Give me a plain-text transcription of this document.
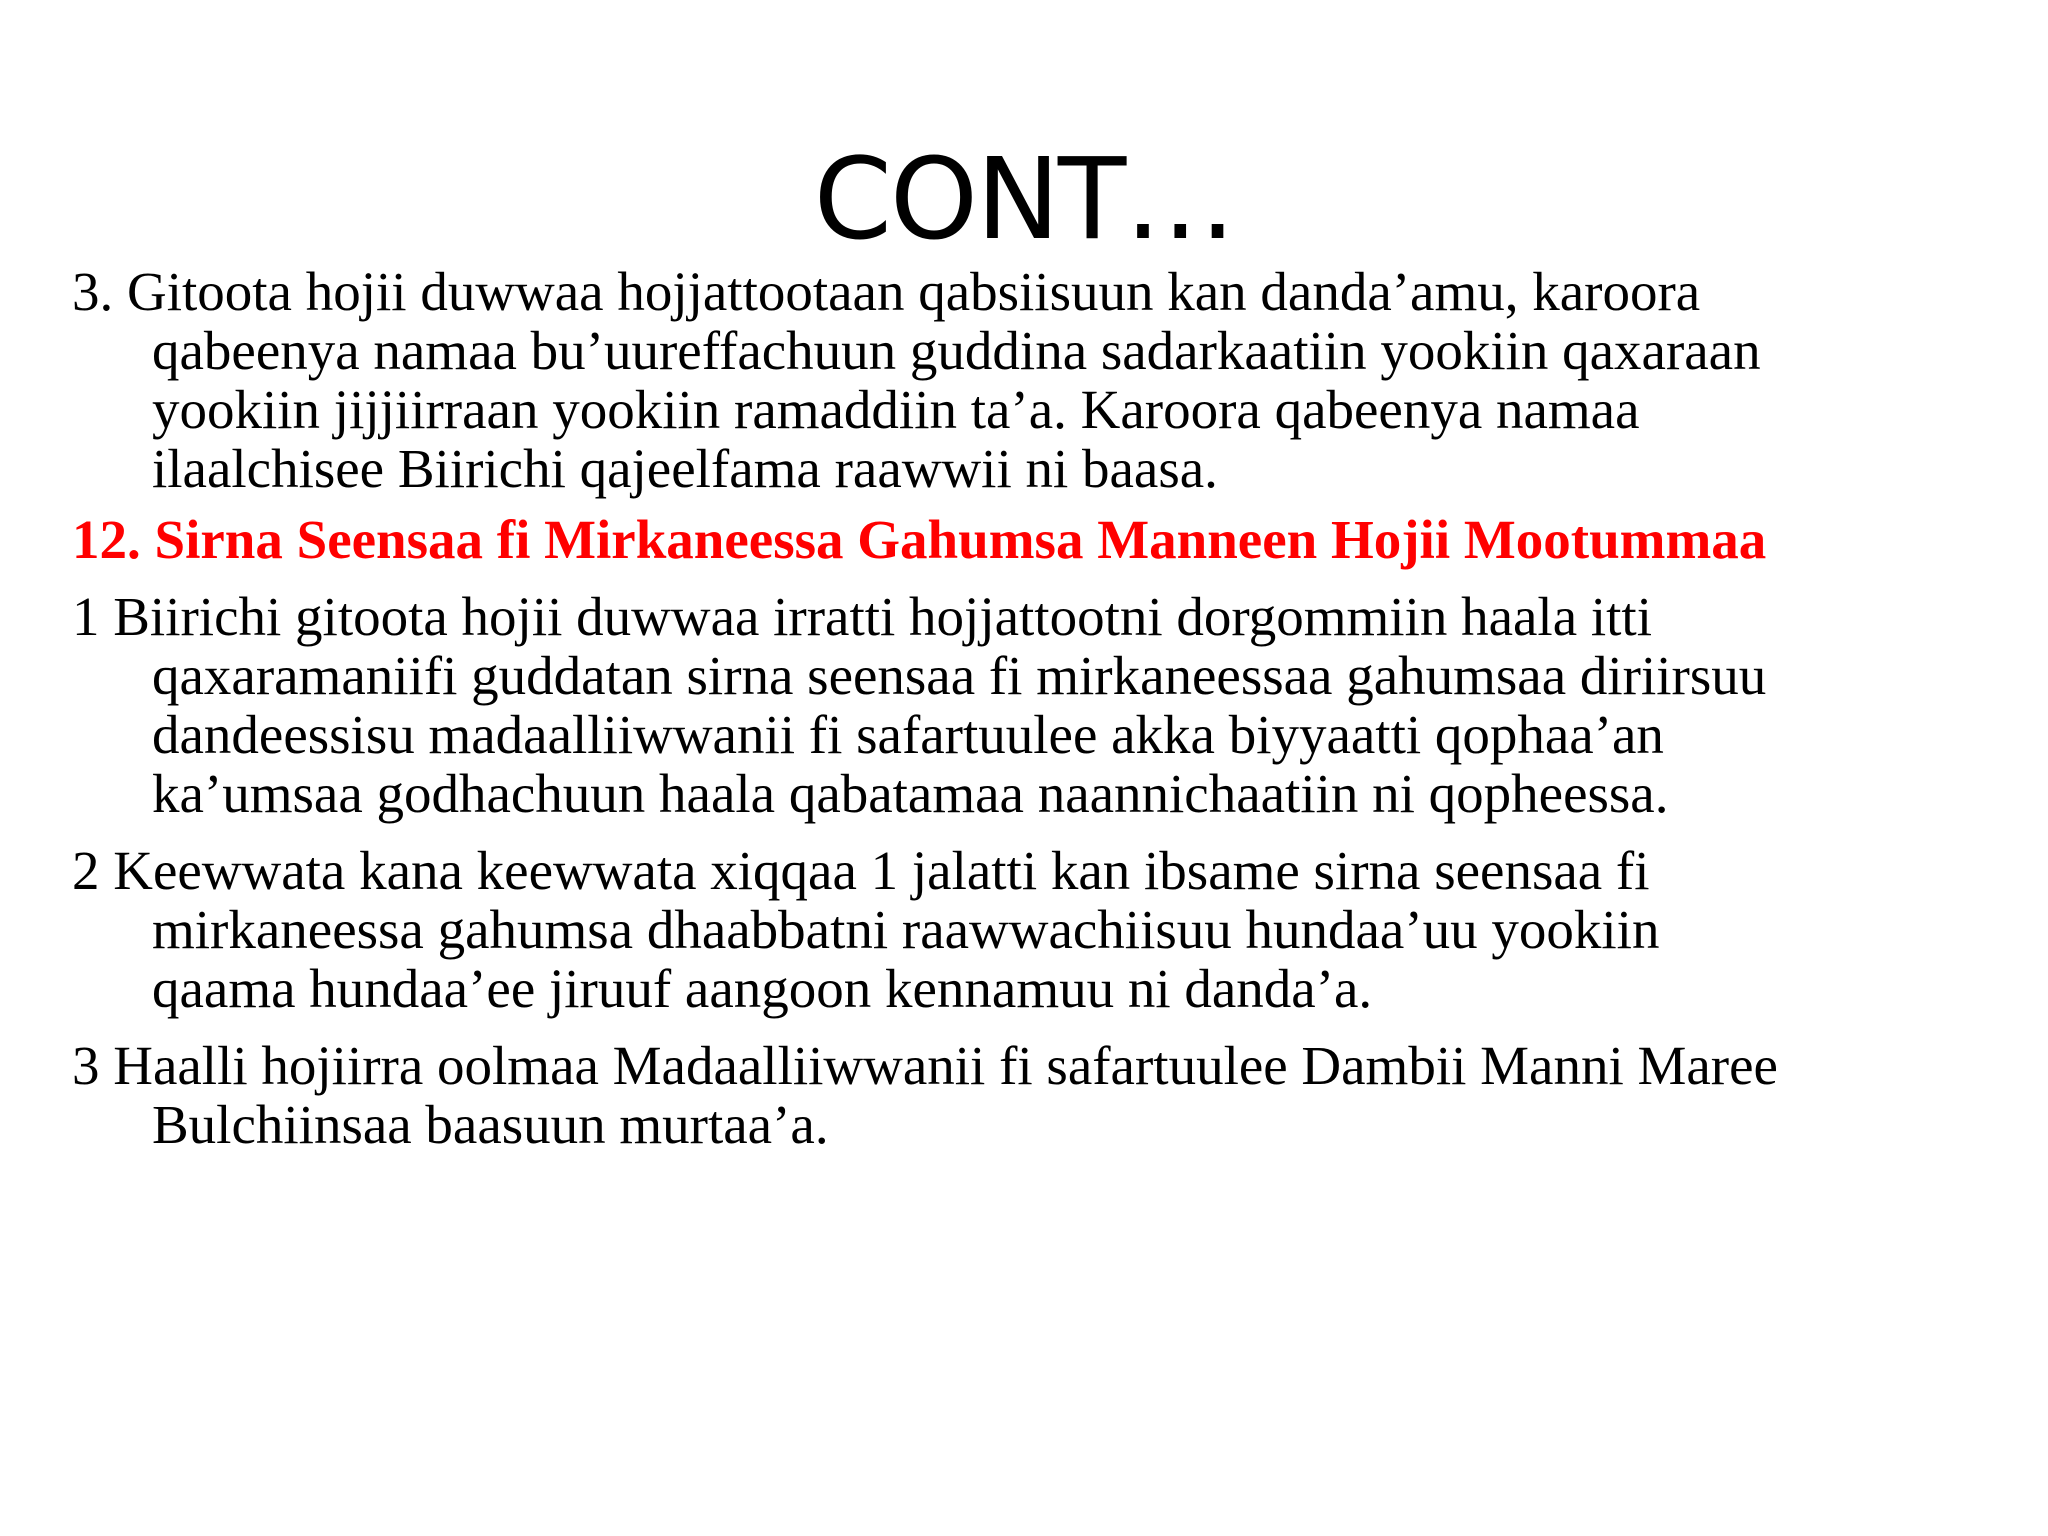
CONT…

3. Gitoota hojii duwwaa hojjattootaan qabsiisuun kan danda’amu, karoora
qabeenya namaa bu’uureffachuun guddina sadarkaatiin yookiin qaxaraan
yookiin jijjiirraan yookiin ramaddiin ta’a. Karoora qabeenya namaa
ilaalchisee Biirichi qajeelfama raawwii ni baasa.

12. Sirna Seensaa fi Mirkaneessa Gahumsa Manneen Hojii Mootummaa

1 Biirichi gitoota hojii duwwaa irratti hojjattootni dorgommiin haala itti
qaxaramaniifi guddatan sirna seensaa fi mirkaneessaa gahumsaa diriirsuu
dandeessisu madaalliiwwanii fi safartuulee akka biyyaatti qophaa’an
ka’umsaa godhachuun haala qabatamaa naannichaatiin ni qopheessa.

2 Keewwata kana keewwata xiqqaa 1 jalatti kan ibsame sirna seensaa fi
mirkaneessa gahumsa dhaabbatni raawwachiisuu hundaa’uu yookiin
qaama hundaa’ee jiruuf aangoon kennamuu ni danda’a.

3 Haalli hojiirra oolmaa Madaalliiwwanii fi safartuulee Dambii Manni Maree
Bulchiinsaa baasuun murtaa’a.
